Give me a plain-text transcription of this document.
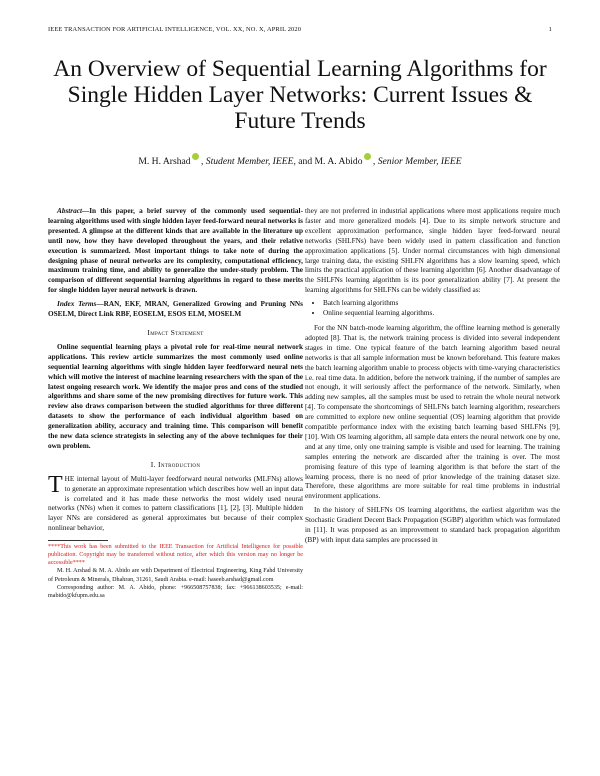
IEEE TRANSACTION FOR ARTIFICIAL INTELLIGENCE, VOL. XX, NO. X, APRIL 2020	1
An Overview of Sequential Learning Algorithms for Single Hidden Layer Networks: Current Issues & Future Trends
M. H. Arshad , Student Member, IEEE, and M. A. Abido , Senior Member, IEEE

Abstract—In this paper, a brief survey of the commonly used sequential-learning algorithms used with single hidden layer feed-forward neural networks is presented. A glimpse at the different kinds that are available in the literature up until now, how they have developed throughout the years, and their relative execution is summarized. Most important things to take note of during the designing phase of neural networks are its complexity, computational efficiency, maximum training time, and ability to generalize the under-study problem. The comparison of different sequential learning algorithms in regard to these merits for single hidden layer neural network is drawn.

Index Terms—RAN, EKF, MRAN, Generalized Growing and Pruning NNs OSELM, Direct Link RBF, EOSELM, ESOS ELM, MOSELM

Impact Statement

Online sequential learning plays a pivotal role for real-time neural network applications. This review article summarizes the most commonly used online sequential learning algorithms with single hidden layer feedforward neural nets which will motive the interest of machine learning researchers with the span of the latest ongoing research work. We identify the major pros and cons of the studied algorithms and share some of the new promising directives for future work. This review also draws comparison between the studied algorithms for three different datasets to show the performance of each individual algorithm based on generalization ability, accuracy and training time. This comparison will benefit the new data science strategists in selecting any of the above techniques for their own problem.

I. Introduction

THE internal layout of Multi-layer feedforward neural networks (MLFNs) allows to generate an approximate representation which describes how well an input data is correlated and it has made these networks the most widely used neural networks (NNs) when it comes to pattern classifications [1], [2], [3]. Multiple hidden layer NNs are considered as general approximates but because of their complex nonlinear behavior,

****This work has been submitted to the IEEE Transaction for Artificial Intelligence for possible publication. Copyright may be transferred without notice, after which this version may no longer be accessible****

M. H. Arshad & M. A. Abido are with Department of Electrical Engineering, King Fahd University of Petroleum & Minerals, Dhahran, 31261, Saudi Arabia. e-mail: haseeb.arshad@gmail.com

Corresponding author: M. A. Abido, phone: +966508757838; fax: +966138603535; e-mail: mabido@kfupm.edu.sa

they are not preferred in industrial applications where most applications require much faster and more generalized models [4]. Due to its simple network structure and excellent approximation performance, single hidden layer feed-forward neural networks (SHLFNs) have been widely used in pattern classification and function approximation applications [5]. Under normal circumstances with high dimensional large training data, the existing SHLFN algorithms has a slow learning speed, which limits the practical application of these learning algorithm [6]. Another disadvantage of the SHLFNs learning algorithm is its poor generalization ability [7]. At present the learning algorithms for SHLFNs can be widely classified as:

• Batch learning algorithms
• Online sequential learning algorithms.

For the NN batch-mode learning algorithm, the offline learning method is generally adopted [8]. That is, the network training process is divided into several independent stages in time. One typical feature of the batch learning algorithm based neural networks is that all sample information must be known beforehand. This feature makes the batch learning algorithm unable to process objects with time-varying characteristics i.e. real time data. In addition, before the network training, if the number of samples are not enough, it will seriously affect the performance of the network. Similarly, when adding new samples, all the samples must be used to retrain the whole neural network [4]. To compensate the shortcomings of SHLFNs batch learning algorithm, researchers are committed to explore new online sequential (OS) learning algorithm that provide compatible performance index with the existing batch learning based SHLFNs [9], [10]. With OS learning algorithm, all sample data enters the neural network one by one, and at any time, only one training sample is visible and used for learning. The training samples entering the network are discarded after the training is over. The most promising feature of this type of learning algorithm is that before the start of the learning process, there is no need of prior knowledge of the training dataset size. Therefore, these algorithms are more suitable for real time problems in industrial environment applications.

In the history of SHLFNs OS learning algorithms, the earliest algorithm was the Stochastic Gradient Decent Back Propagation (SGBP) algorithm which was formulated in [11]. It was proposed as an improvement to standard back propagation algorithm (BP) with input data samples are processed in
